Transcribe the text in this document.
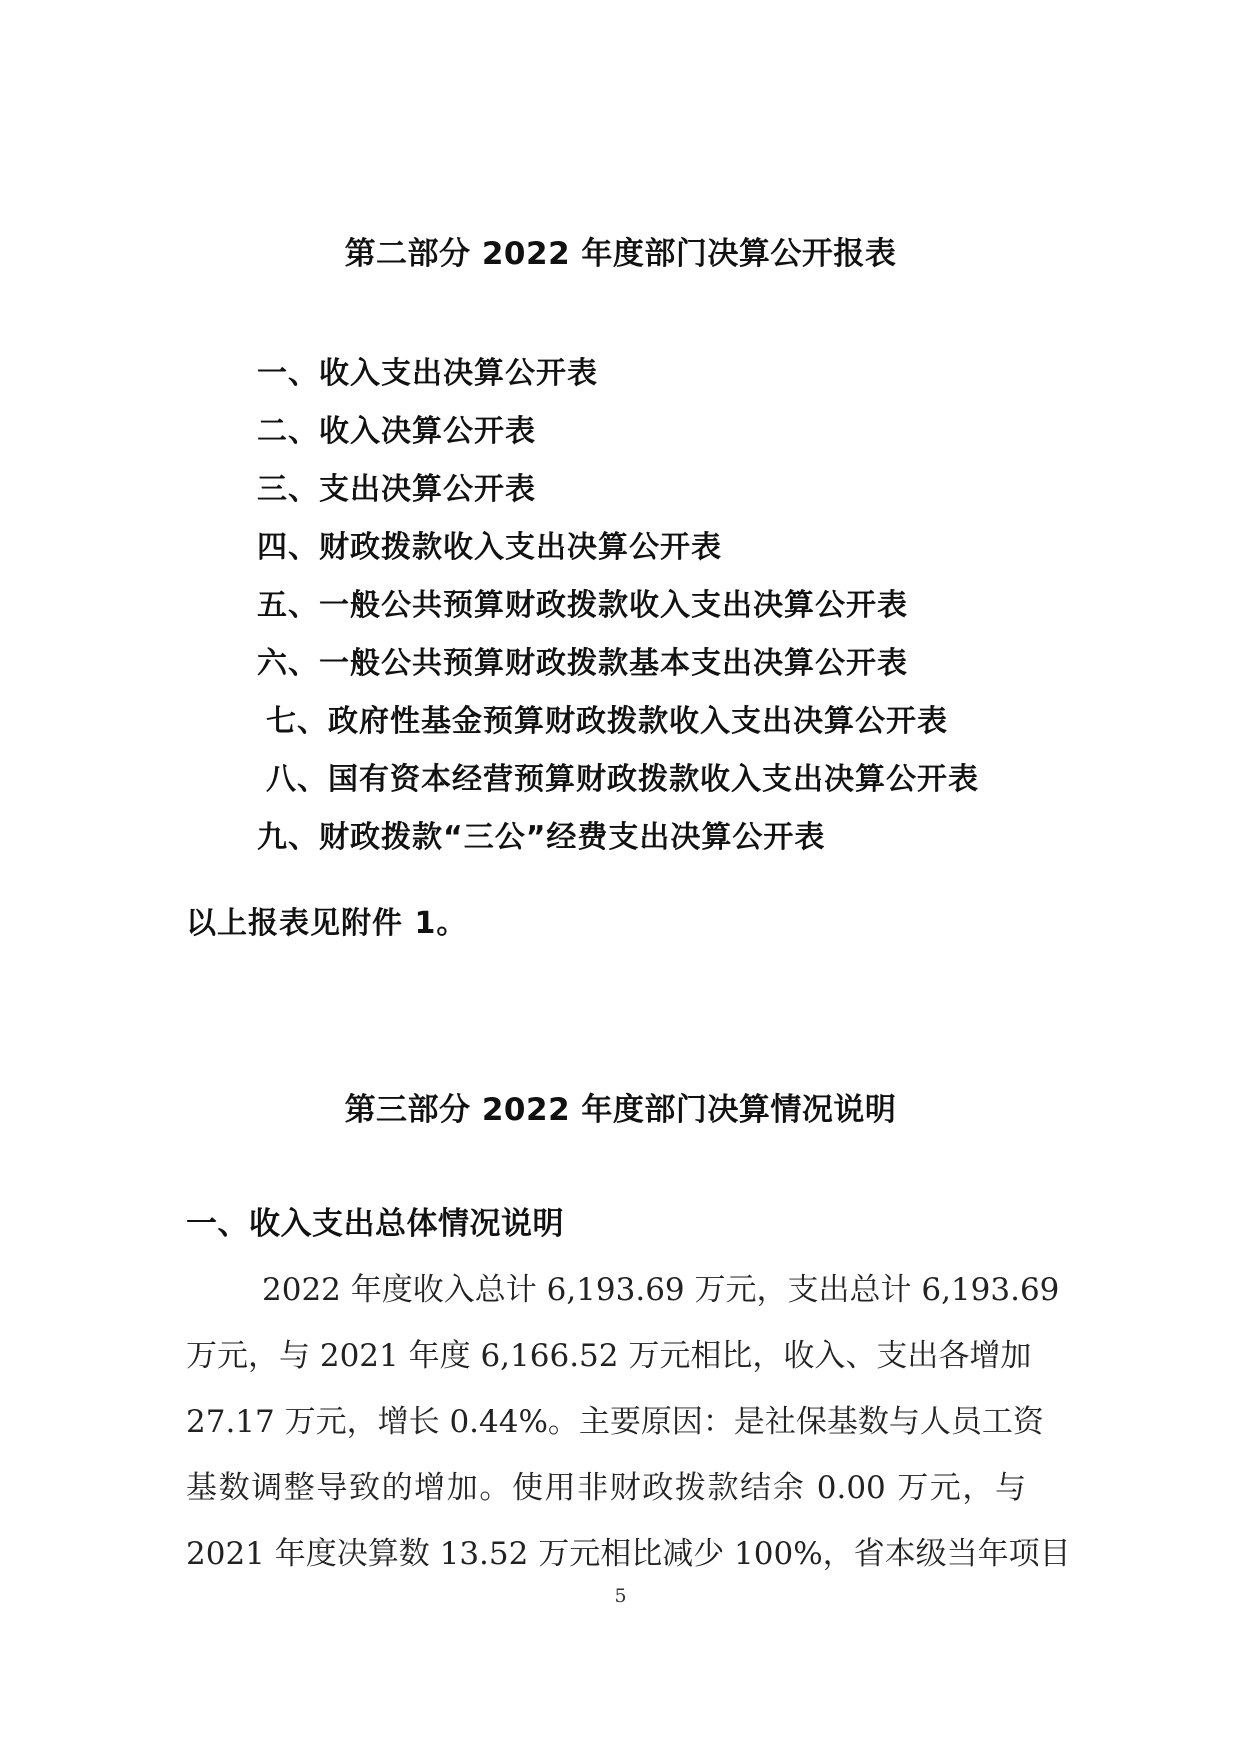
第二部分 2022 年度部门决算公开报表
一、收入支出决算公开表
二、收入决算公开表
三、支出决算公开表
四、财政拨款收入支出决算公开表
五、一般公共预算财政拨款收入支出决算公开表
六、一般公共预算财政拨款基本支出决算公开表
七、政府性基金预算财政拨款收入支出决算公开表
八、国有资本经营预算财政拨款收入支出决算公开表
九、财政拨款“三公”经费支出决算公开表
以上报表见附件 1。
第三部分 2022 年度部门决算情况说明
一、收入支出总体情况说明
2022 年度收入总计 6,193.69 万元，支出总计 6,193.69
万元，与 2021 年度 6,166.52 万元相比，收入、支出各增加
27.17 万元，增长 0.44%。主要原因：是社保基数与人员工资
基数调整导致的增加。使用非财政拨款结余 0.00 万元，与
2021 年度决算数 13.52 万元相比减少 100%，省本级当年项目
5
